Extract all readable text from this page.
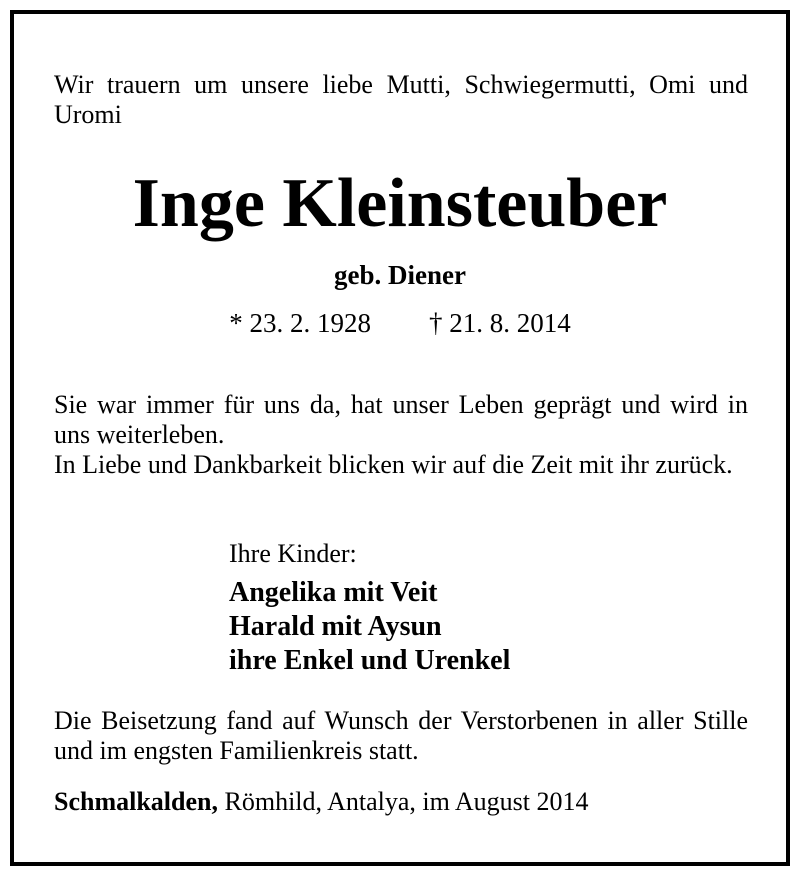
Wir trauern um unsere liebe Mutti, Schwiegermutti, Omi und Uromi

Inge Kleinsteuber

geb. Diener

* 23. 2. 1928 † 21. 8. 2014

Sie war immer für uns da, hat unser Leben geprägt und wird in uns weiterleben.
In Liebe und Dankbarkeit blicken wir auf die Zeit mit ihr zurück.

Ihre Kinder:

Angelika mit Veit

Harald mit Aysun

ihre Enkel und Urenkel

Die Beisetzung fand auf Wunsch der Verstorbenen in aller Stille und im engsten Familienkreis statt.

Schmalkalden, Römhild, Antalya, im August 2014
